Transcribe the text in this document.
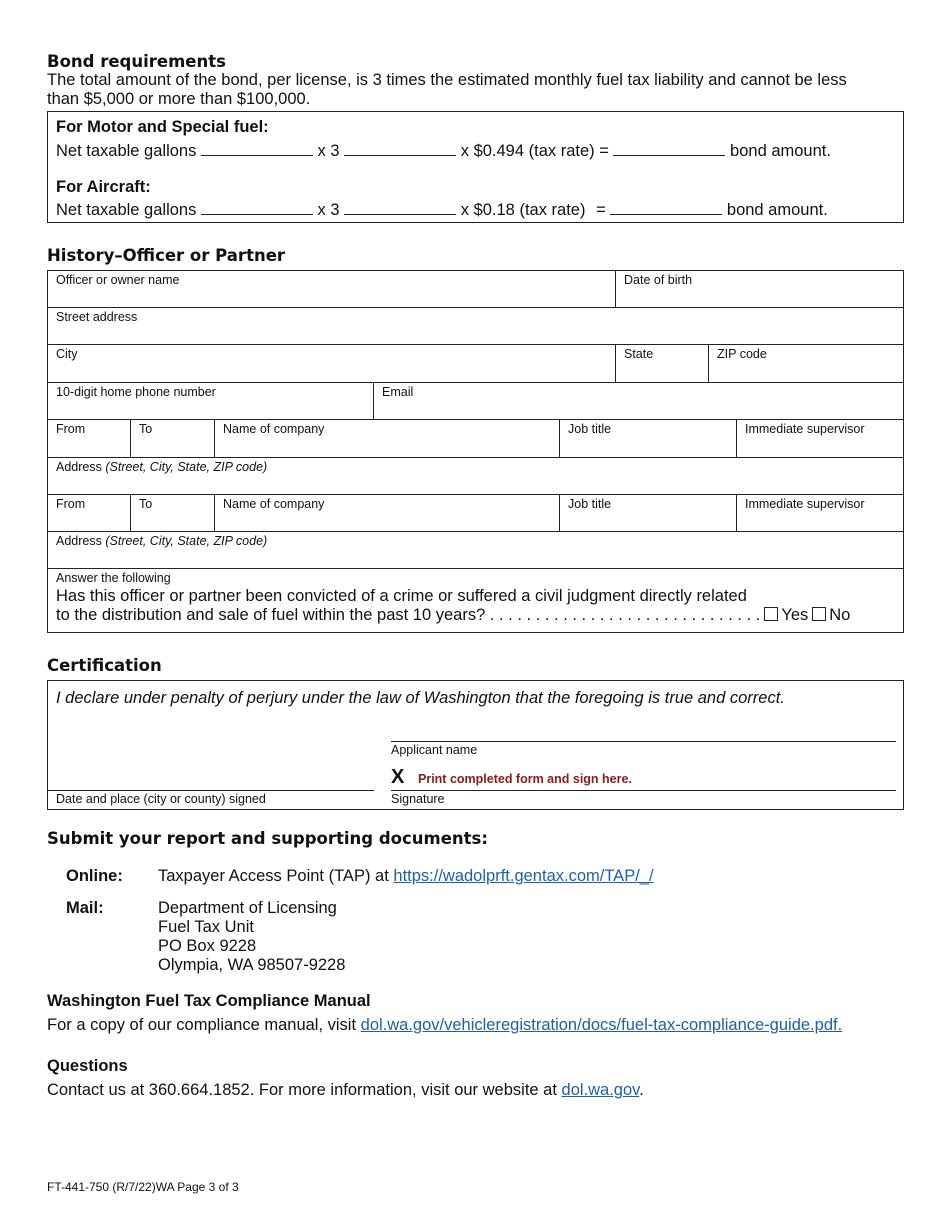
Bond requirements
The total amount of the bond, per license, is 3 times the estimated monthly fuel tax liability and cannot be less
than $5,000 or more than $100,000.
For Motor and Special fuel:
Net taxable gallons	x 3	x $0.494 (tax rate) =	bond amount.
For Aircraft:
Net taxable gallons	x 3	x $0.18 (tax rate) =	bond amount.
History–Officer or Partner
Officer or owner name	Date of birth
Street address
City	State	ZIP code
10-digit home phone number	Email
From	To	Name of company	Job title	Immediate supervisor
Address (Street, City, State, ZIP code)
From	To	Name of company	Job title	Immediate supervisor
Address (Street, City, State, ZIP code)
Answer the following
Has this officer or partner been convicted of a crime or suffered a civil judgment directly related
to the distribution and sale of fuel within the past 10 years? . . . . . . . . . . . . . . . . . . . . . . . . . . . . . . Yes No
Certification
I declare under penalty of perjury under the law of Washington that the foregoing is true and correct.
Applicant name
X Print completed form and sign here.
Date and place (city or county) signed	Signature
Submit your report and supporting documents:
Online: Taxpayer Access Point (TAP) at https://wadolprft.gentax.com/TAP/_/
Mail:	Department of Licensing
Fuel Tax Unit
PO Box 9228
Olympia, WA 98507-9228
Washington Fuel Tax Compliance Manual
For a copy of our compliance manual, visit dol.wa.gov/vehicleregistration/docs/fuel-tax-compliance-guide.pdf.
Questions
Contact us at 360.664.1852. For more information, visit our website at dol.wa.gov.
FT-441-750 (R/7/22)WA Page 3 of 3
